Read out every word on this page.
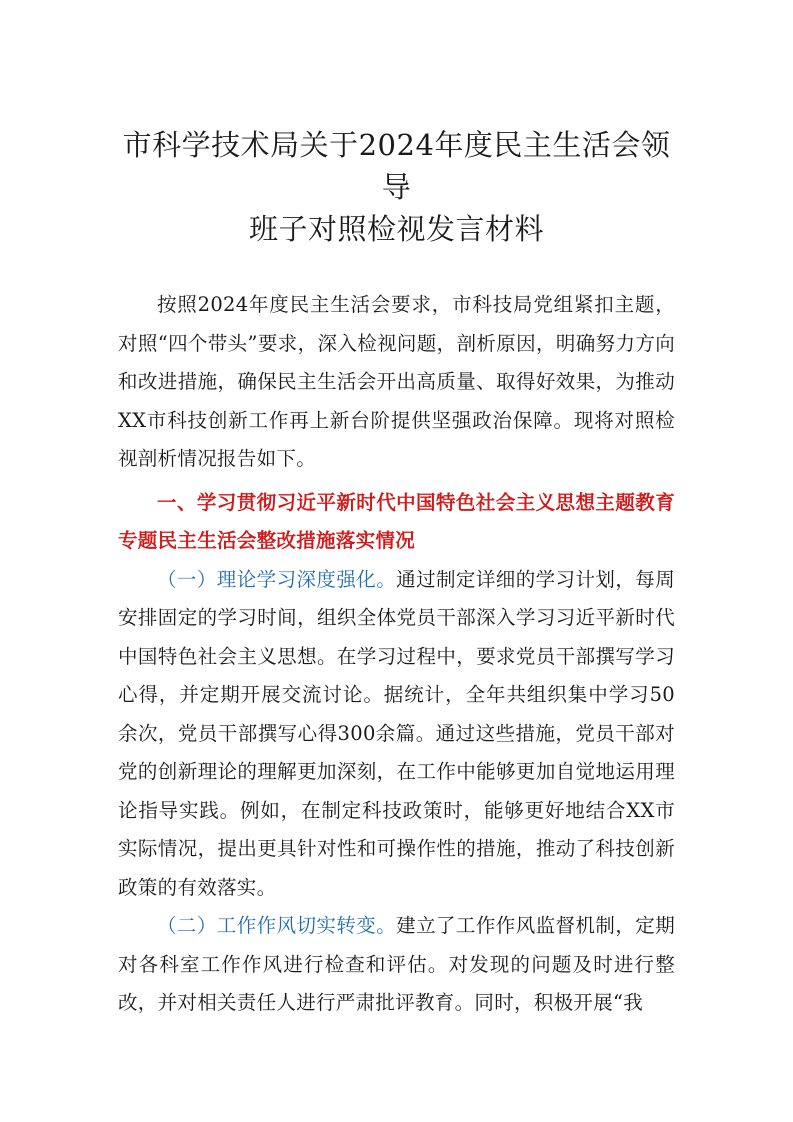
市科学技术局关于2024年度民主生活会领导
班子对照检视发言材料

按照2024年度民主生活会要求，市科技局党组紧扣主题，对照“四个带头”要求，深入检视问题，剖析原因，明确努力方向和改进措施，确保民主生活会开出高质量、取得好效果，为推动XX市科技创新工作再上新台阶提供坚强政治保障。现将对照检视剖析情况报告如下。

一、学习贯彻习近平新时代中国特色社会主义思想主题教育专题民主生活会整改措施落实情况

（一）理论学习深度强化。通过制定详细的学习计划，每周安排固定的学习时间，组织全体党员干部深入学习习近平新时代中国特色社会主义思想。在学习过程中，要求党员干部撰写学习心得，并定期开展交流讨论。据统计，全年共组织集中学习50余次，党员干部撰写心得300余篇。通过这些措施，党员干部对党的创新理论的理解更加深刻，在工作中能够更加自觉地运用理论指导实践。例如，在制定科技政策时，能够更好地结合XX市实际情况，提出更具针对性和可操作性的措施，推动了科技创新政策的有效落实。

（二）工作作风切实转变。建立了工作作风监督机制，定期对各科室工作作风进行检查和评估。对发现的问题及时进行整改，并对相关责任人进行严肃批评教育。同时，积极开展“我
